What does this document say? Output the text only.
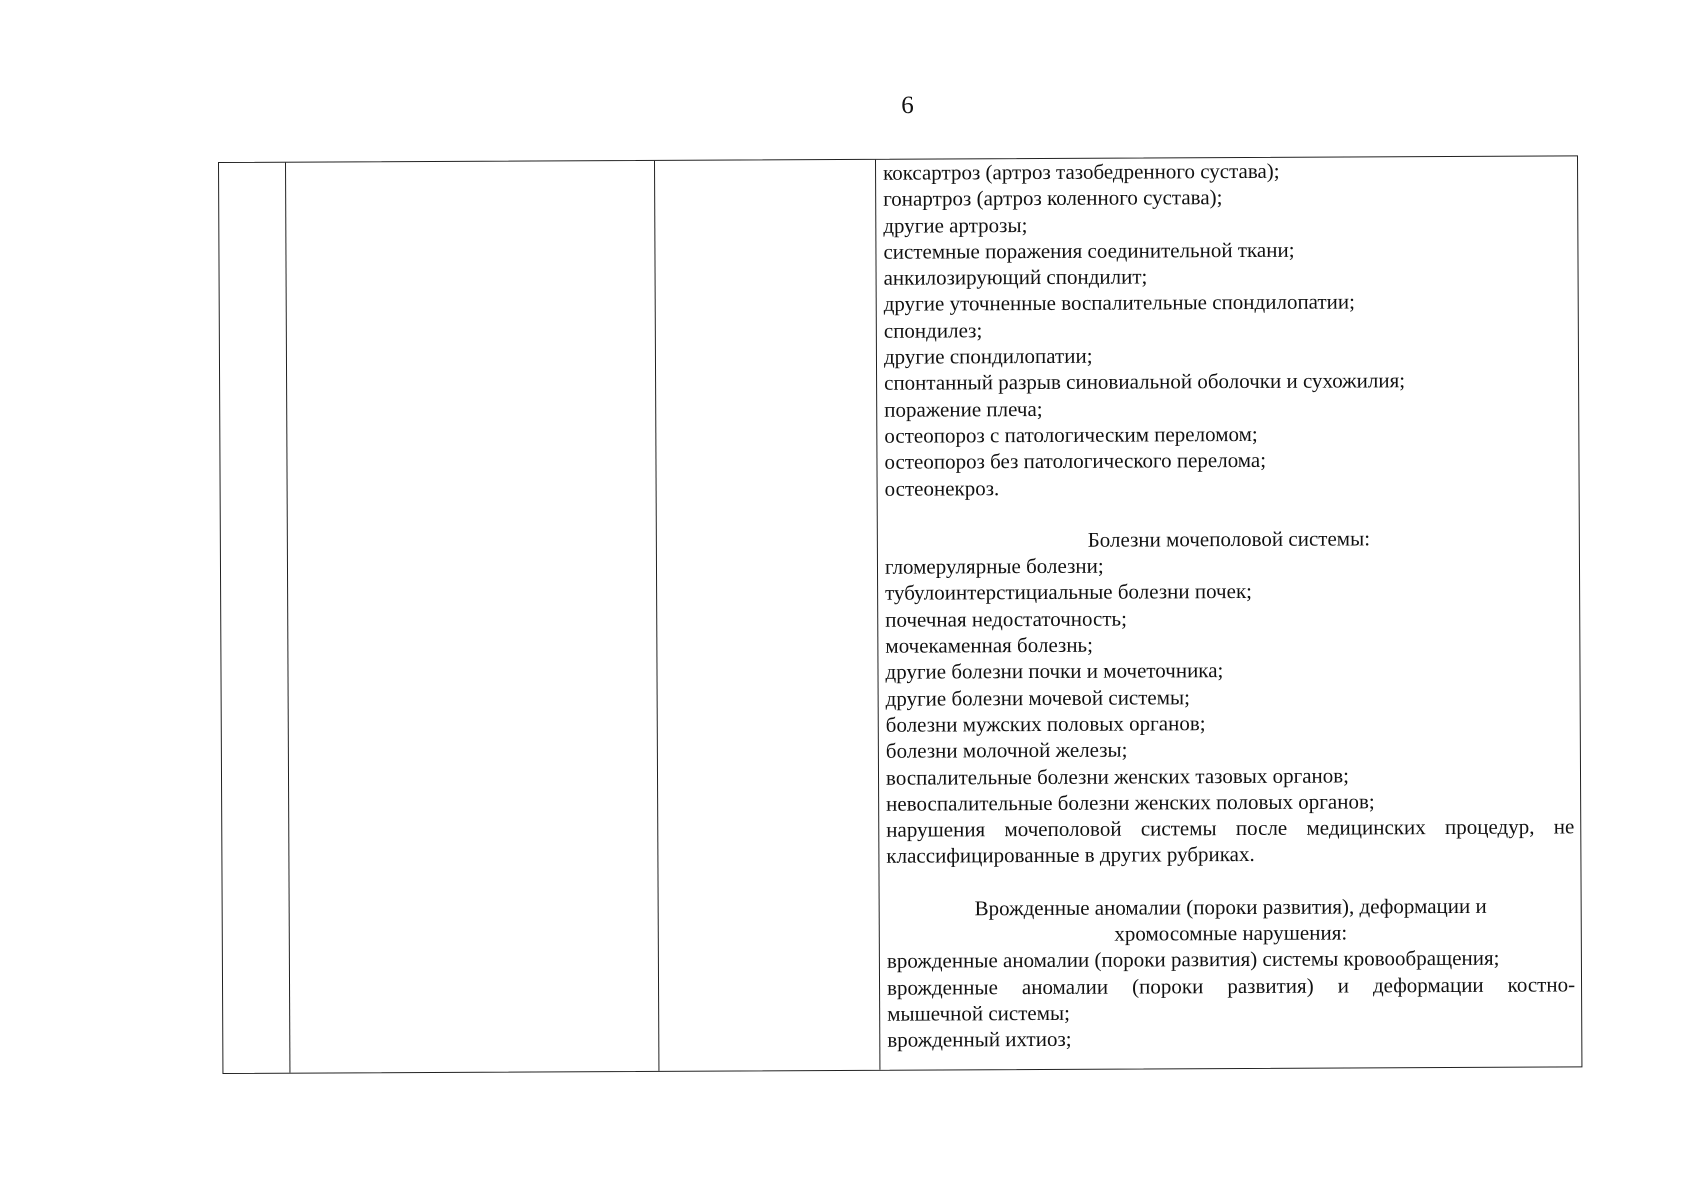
6
коксартроз (артроз тазобедренного сустава);
гонартроз (артроз коленного сустава);
другие артрозы;
системные поражения соединительной ткани;
анкилозирующий спондилит;
другие уточненные воспалительные спондилопатии;
спондилез;
другие спондилопатии;
спонтанный разрыв синовиальной оболочки и сухожилия;
поражение плеча;
остеопороз с патологическим переломом;
остеопороз без патологического перелома;
остеонекроз.
Болезни мочеполовой системы:
гломерулярные болезни;
тубулоинтерстициальные болезни почек;
почечная недостаточность;
мочекаменная болезнь;
другие болезни почки и мочеточника;
другие болезни мочевой системы;
болезни мужских половых органов;
болезни молочной железы;
воспалительные болезни женских тазовых органов;
невоспалительные болезни женских половых органов;
нарушения мочеполовой системы после медицинских процедур, не
классифицированные в других рубриках.
Врожденные аномалии (пороки развития), деформации и
хромосомные нарушения:
врожденные аномалии (пороки развития) системы кровообращения;
врожденные аномалии (пороки развития) и деформации костно-
мышечной системы;
врожденный ихтиоз;
